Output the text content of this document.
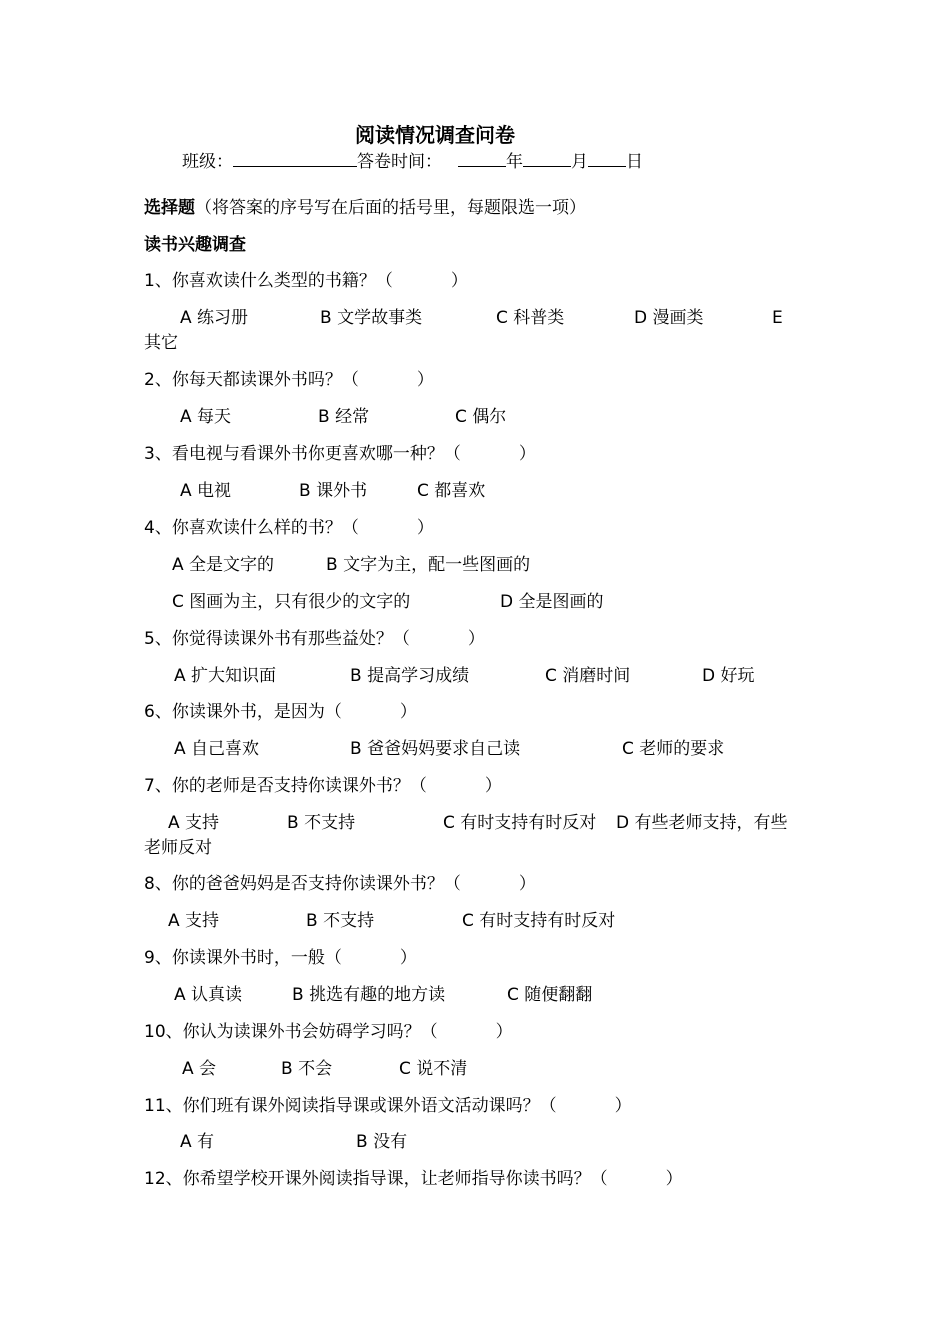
阅读情况调查问卷
班级：	答卷时间：	年	月 日
选择题（将答案的序号写在后面的括号里，每题限选一项）
读书兴趣调查
1、你喜欢读什么类型的书籍？（	）
A 练习册	B 文学故事类	C 科普类	D 漫画类	E
其它
2、你每天都读课外书吗？（	）
A 每天	B 经常	C 偶尔
3、看电视与看课外书你更喜欢哪一种？（	）
A 电视	B 课外书	C 都喜欢
4、你喜欢读什么样的书？（	）
A 全是文字的	B 文字为主，配一些图画的
C 图画为主，只有很少的文字的	D 全是图画的
5、你觉得读课外书有那些益处？（	）
A 扩大知识面	B 提高学习成绩	C 消磨时间	D 好玩
6、你读课外书，是因为（	）
A 自己喜欢	B 爸爸妈妈要求自己读	C 老师的要求
7、你的老师是否支持你读课外书？（	）
A 支持	B 不支持	C 有时支持有时反对 D 有些老师支持，有些
老师反对
8、你的爸爸妈妈是否支持你读课外书？（	）
A 支持	B 不支持	C 有时支持有时反对
9、你读课外书时，一般（	）
A 认真读	B 挑选有趣的地方读	C 随便翻翻
10、你认为读课外书会妨碍学习吗？（	）
A 会	B 不会	C 说不清
11、你们班有课外阅读指导课或课外语文活动课吗？（	）
A 有	B 没有
12、你希望学校开课外阅读指导课，让老师指导你读书吗？（	）
